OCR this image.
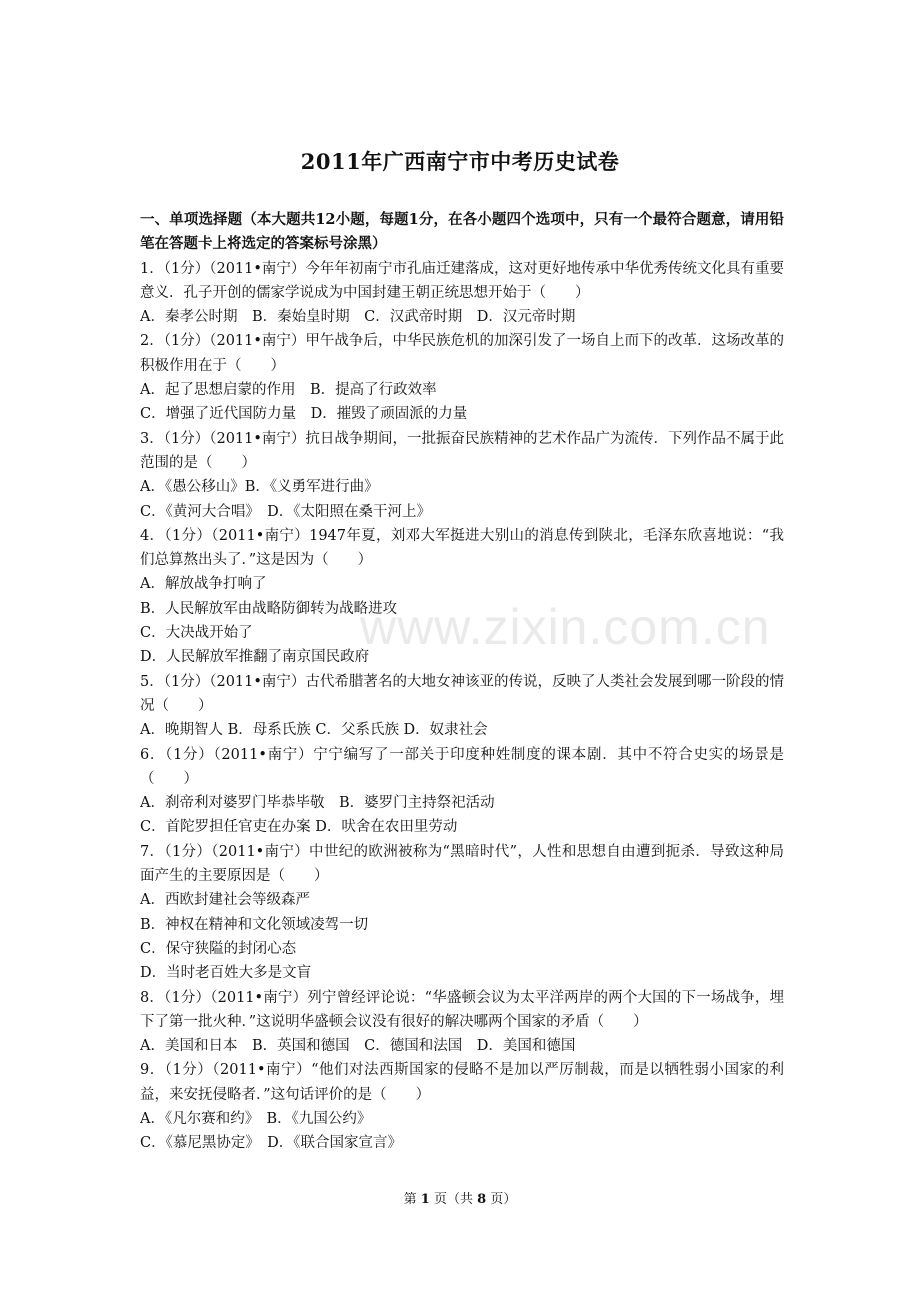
2011年广西南宁市中考历史试卷
一、单项选择题（本大题共12小题，每题1分，在各小题四个选项中，只有一个最符合题意，请用铅笔在答题卡上将选定的答案标号涂黑）
1．（1分）（2011•南宁）今年年初南宁市孔庙迁建落成，这对更好地传承中华优秀传统文化具有重要意义．孔子开创的儒家学说成为中国封建王朝正统思想开始于（　　）
A．秦孝公时期　B．秦始皇时期　C．汉武帝时期　D．汉元帝时期
2．（1分）（2011•南宁）甲午战争后，中华民族危机的加深引发了一场自上而下的改革．这场改革的积极作用在于（　　）
A．起了思想启蒙的作用　B．提高了行政效率
C．增强了近代国防力量　D．摧毁了顽固派的力量
3．（1分）（2011•南宁）抗日战争期间，一批振奋民族精神的艺术作品广为流传．下列作品不属于此范围的是（　　）
A．《愚公移山》B．《义勇军进行曲》
C．《黄河大合唱》　D．《太阳照在桑干河上》
4．（1分）（2011•南宁）1947年夏，刘邓大军挺进大别山的消息传到陕北，毛泽东欣喜地说：“我们总算熬出头了．”这是因为（　　）
A．解放战争打响了
B．人民解放军由战略防御转为战略进攻
C．大决战开始了
D．人民解放军推翻了南京国民政府
5．（1分）（2011•南宁）古代希腊著名的大地女神该亚的传说，反映了人类社会发展到哪一阶段的情况（　　）
A．晚期智人 B．母系氏族 C．父系氏族 D．奴隶社会
6．（1分）（2011•南宁）宁宁编写了一部关于印度种姓制度的课本剧．其中不符合史实的场景是（　　）
A．刹帝利对婆罗门毕恭毕敬　B．婆罗门主持祭祀活动
C．首陀罗担任官吏在办案 D．吠舍在农田里劳动
7．（1分）（2011•南宁）中世纪的欧洲被称为“黑暗时代”，人性和思想自由遭到扼杀．导致这种局面产生的主要原因是（　　）
A．西欧封建社会等级森严
B．神权在精神和文化领域凌驾一切
C．保守狭隘的封闭心态
D．当时老百姓大多是文盲
8．（1分）（2011•南宁）列宁曾经评论说：“华盛顿会议为太平洋两岸的两个大国的下一场战争，埋下了第一批火种．”这说明华盛顿会议没有很好的解决哪两个国家的矛盾（　　）
A．美国和日本　B．英国和德国　C．德国和法国　D．美国和德国
9．（1分）（2011•南宁）“他们对法西斯国家的侵略不是加以严厉制裁，而是以牺牲弱小国家的利益，来安抚侵略者．”这句话评价的是（　　）
A．《凡尔赛和约》　B．《九国公约》
C．《慕尼黑协定》　D．《联合国家宣言》
www.zixin.com.cn
第 1 页（共 8 页）
